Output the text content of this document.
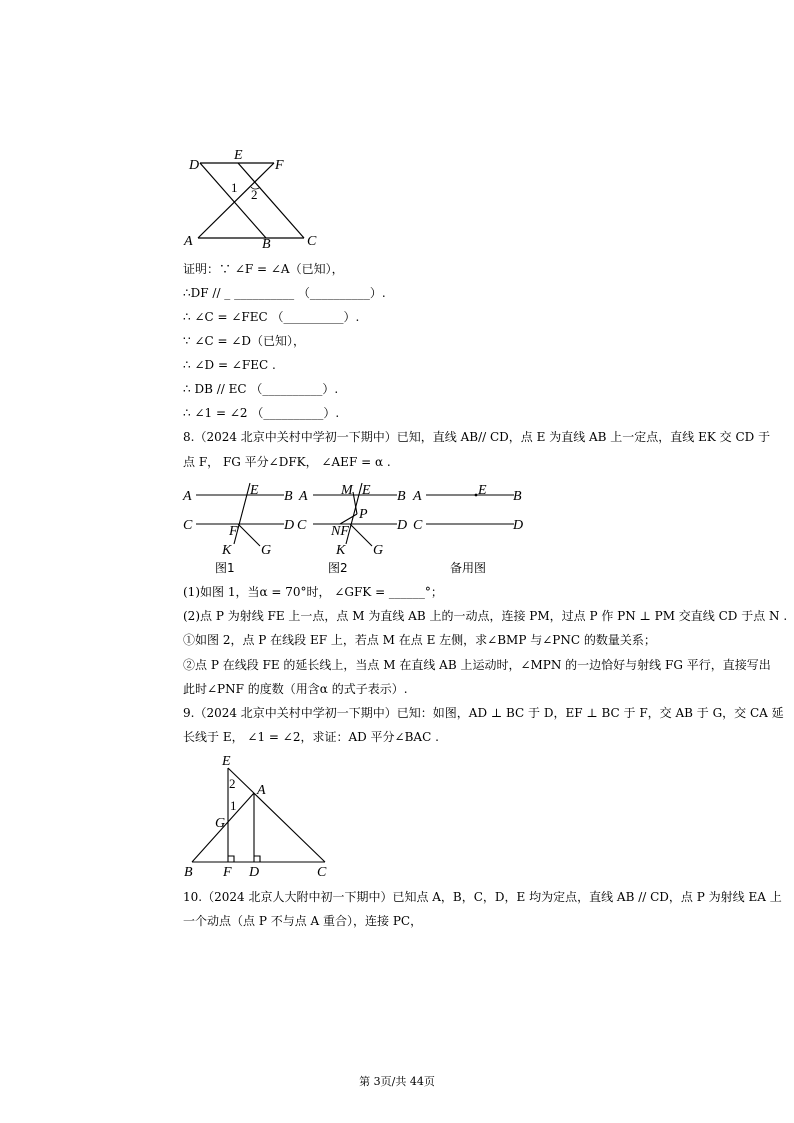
D
E
F
A	B	C
1 2
证明：∵ ∠F = ∠A（已知），
∴DF // _ __________ （__________）.
∴ ∠C = ∠FEC （__________）.
∵ ∠C = ∠D（已知），
∴ ∠D = ∠FEC .
∴ DB // EC （__________）.
∴ ∠1 = ∠2 （__________）.
8.（2024 北京中关村中学初一下期中）已知，直线 AB// CD，点 E 为直线 AB 上一定点，直线 EK 交 CD 于
点 F， FG 平分∠DFK， ∠AEF = α .
A	E B
C	F	D
K G
图1
A M E B
P
C NF	D
K G
图2
A	E B
C	D
备用图
(1)如图 1，当α = 70°时， ∠GFK = ______°；
(2)点 P 为射线 FE 上一点，点 M 为直线 AB 上的一动点，连接 PM，过点 P 作 PN ⊥ PM 交直线 CD 于点 N .
①如图 2，点 P 在线段 EF 上，若点 M 在点 E 左侧，求∠BMP 与∠PNC 的数量关系；
②点 P 在线段 FE 的延长线上，当点 M 在直线 AB 上运动时，∠MPN 的一边恰好与射线 FG 平行，直接写出
此时∠PNF 的度数（用含α 的式子表示）.
9.（2024 北京中关村中学初一下期中）已知：如图，AD ⊥ BC 于 D，EF ⊥ BC 于 F，交 AB 于 G，交 CA 延
长线于 E， ∠1 = ∠2，求证：AD 平分∠BAC .
E
A
G
B F D	C
2
1
10.（2024 北京人大附中初一下期中）已知点 A，B，C，D，E 均为定点，直线 AB // CD，点 P 为射线 EA 上
一个动点（点 P 不与点 A 重合），连接 PC，
第 3页/共 44页
